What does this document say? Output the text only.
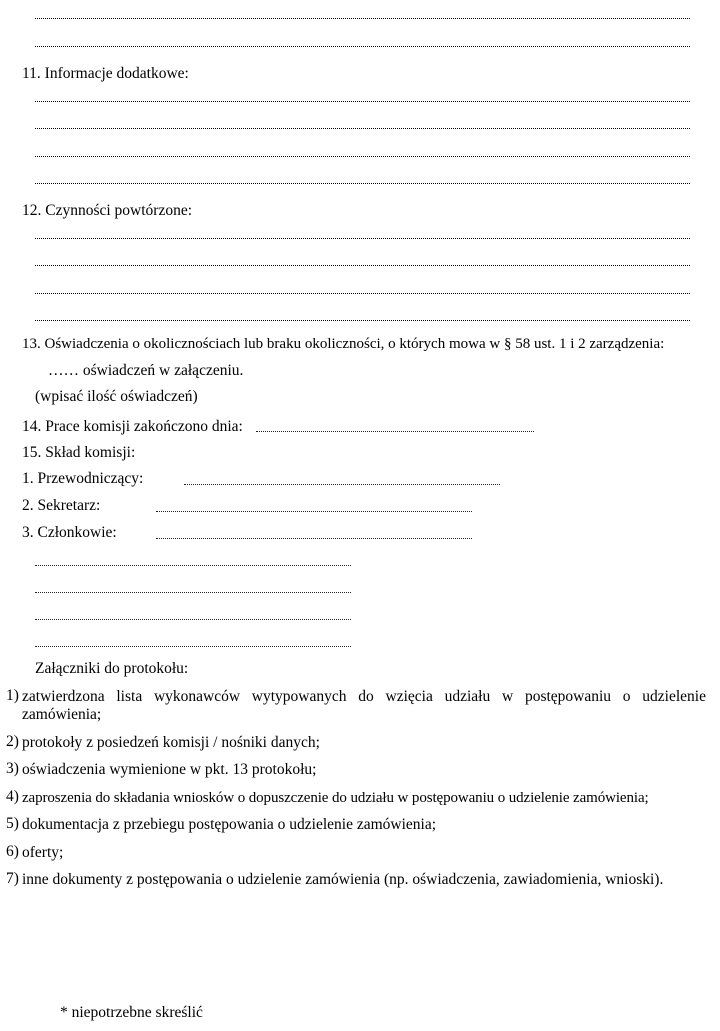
11. Informacje dodatkowe:
12. Czynności powtórzone:
13. Oświadczenia o okolicznościach lub braku okoliczności, o których mowa w § 58 ust. 1 i 2 zarządzenia:
…… oświadczeń w załączeniu.
(wpisać ilość oświadczeń)
14. Prace komisji zakończono dnia:
15. Skład komisji:
1. Przewodniczący:
2. Sekretarz:
3. Członkowie:
Załączniki do protokołu:
1) zatwierdzona lista wykonawców wytypowanych do wzięcia udziału w postępowaniu o udzielenie
zamówienia;
2) protokoły z posiedzeń komisji / nośniki danych;
3) oświadczenia wymienione w pkt. 13 protokołu;
4) zaproszenia do składania wniosków o dopuszczenie do udziału w postępowaniu o udzielenie zamówienia;
5) dokumentacja z przebiegu postępowania o udzielenie zamówienia;
6) oferty;
7) inne dokumenty z postępowania o udzielenie zamówienia (np. oświadczenia, zawiadomienia, wnioski).
* niepotrzebne skreślić
